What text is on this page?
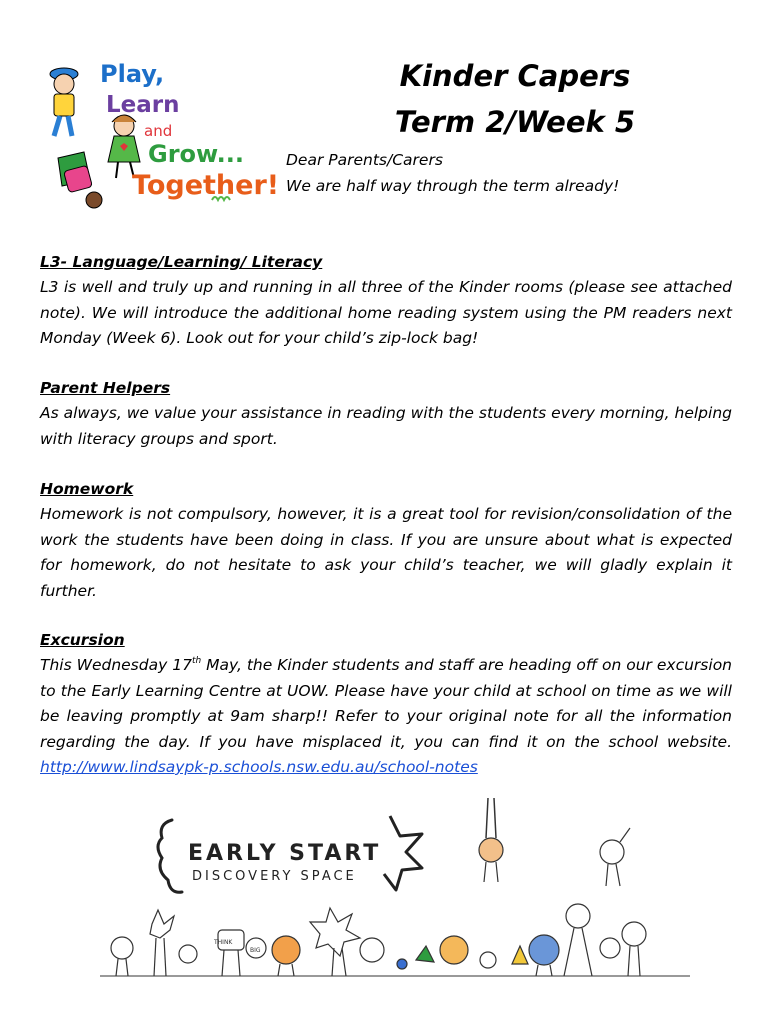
Play,
Learn
and
Grow...
Together!
Kinder Capers
Term 2/Week 5
Dear Parents/Carers
We are half way through the term already!

L3- Language/Learning/ Literacy

L3 is well and truly up and running in all three of the Kinder rooms (please see attached note). We will introduce the additional home reading system using the PM readers next Monday (Week 6). Look out for your child’s zip-lock bag!

Parent Helpers

As always, we value your assistance in reading with the students every morning, helping with literacy groups and sport.

Homework

Homework is not compulsory, however, it is a great tool for revision/consolidation of the work the students have been doing in class. If you are unsure about what is expected for homework, do not hesitate to ask your child’s teacher, we will gladly explain it further.

Excursion

This Wednesday 17th May, the Kinder students and staff are heading off on our excursion to the Early Learning Centre at UOW. Please have your child at school on time as we will be leaving promptly at 9am sharp!! Refer to your original note for all the information regarding the day. If you have misplaced it, you can find it on the school website. http://www.lindsaypk-p.schools.nsw.edu.au/school-notes

EARLY START
DISCOVERY SPACE
THINK
BIG
